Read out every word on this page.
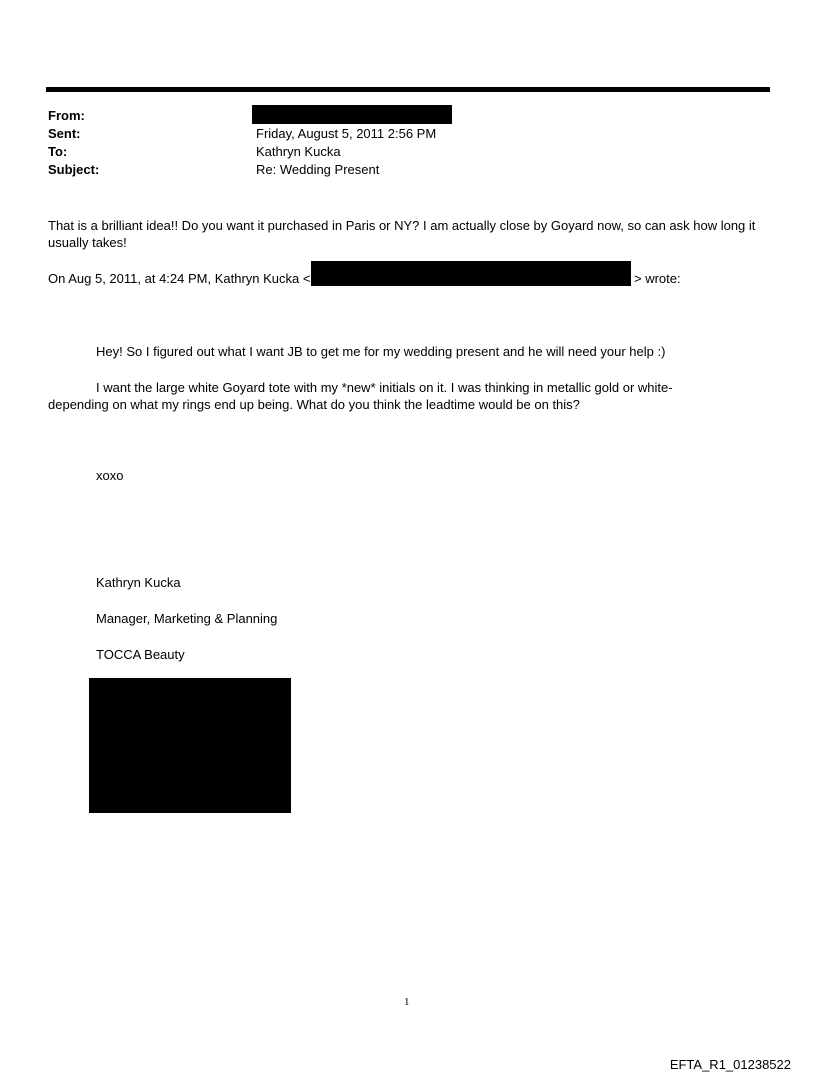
From:
Sent:	Friday, August 5, 2011 2:56 PM
To:	Kathryn Kucka
Subject:	Re: Wedding Present
That is a brilliant idea!! Do you want it purchased in Paris or NY? I am actually close by Goyard now, so can ask how long it usually takes!
On Aug 5, 2011, at 4:24 PM, Kathryn Kucka <	> wrote:
Hey! So I figured out what I want JB to get me for my wedding present and he will need your help :)
I want the large white Goyard tote with my *new* initials on it. I was thinking in metallic gold or white-
depending on what my rings end up being. What do you think the leadtime would be on this?
xoxo
Kathryn Kucka
Manager, Marketing & Planning
TOCCA Beauty
1
EFTA_R1_01238522
